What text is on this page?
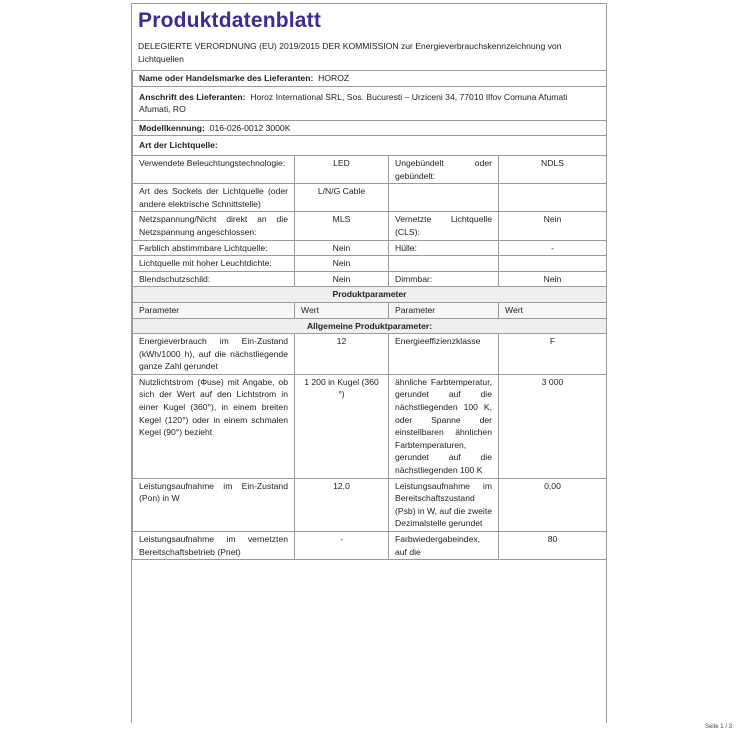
Produktdatenblatt
DELEGIERTE VERORDNUNG (EU) 2019/2015 DER KOMMISSION zur Energieverbrauchskennzeichnung von Lichtquellen
Name oder Handelsmarke des Lieferanten: HOROZ			
Anschrift des Lieferanten: Horoz International SRL, Sos. Bucuresti – Urziceni 34, 77010 Ilfov Comuna Afumati Afumati, RO			
Modellkennung: 016-026-0012 3000K			
Art der Lichtquelle:			
Verwendete Beleuchtungstechnologie:	LED	Ungebündelt oder gebündelt:	NDLS
Art des Sockels der Lichtquelle (oder andere elektrische Schnittstelle)	L/N/G Cable		
Netzspannung/Nicht direkt an die Netzspannung angeschlossen:	MLS	Vernetzte Lichtquelle (CLS):	Nein
Farblich abstimmbare Lichtquelle:	Nein	Hülle:	-
Lichtquelle mit hoher Leuchtdichte:	Nein		
Blendschutzschild:	Nein	Dimmbar:	Nein
Produktparameter			
Parameter	Wert	Parameter	Wert
Allgemeine Produktparameter:			
Energieverbrauch im Ein-Zustand (kWh/1000 h), auf die nächstliegende ganze Zahl gerundet	12	Energieeffizienzklasse	F
Nutzlichtstrom (Φuse) mit Angabe, ob sich der Wert auf den Lichtstrom in einer Kugel (360°), in einem breiten Kegel (120°) oder in einem schmalen Kegel (90°) bezieht	1 200 in Kugel (360 °)	ähnliche Farbtemperatur, gerundet auf die nächstliegenden 100 K, oder Spanne der einstellbaren ähnlichen Farbtemperaturen, gerundet auf die nächstliegenden 100 K	3 000
Leistungsaufnahme im Ein-Zustand (Pon) in W	12,0	Leistungsaufnahme im Bereitschaftszustand (Psb) in W, auf die zweite Dezimalstelle gerundet	0,00
Leistungsaufnahme im vernetzten Bereitschaftsbetrieb (Pnet)	-	Farbwiedergabeindex, auf die	80
Seite 1 / 3
